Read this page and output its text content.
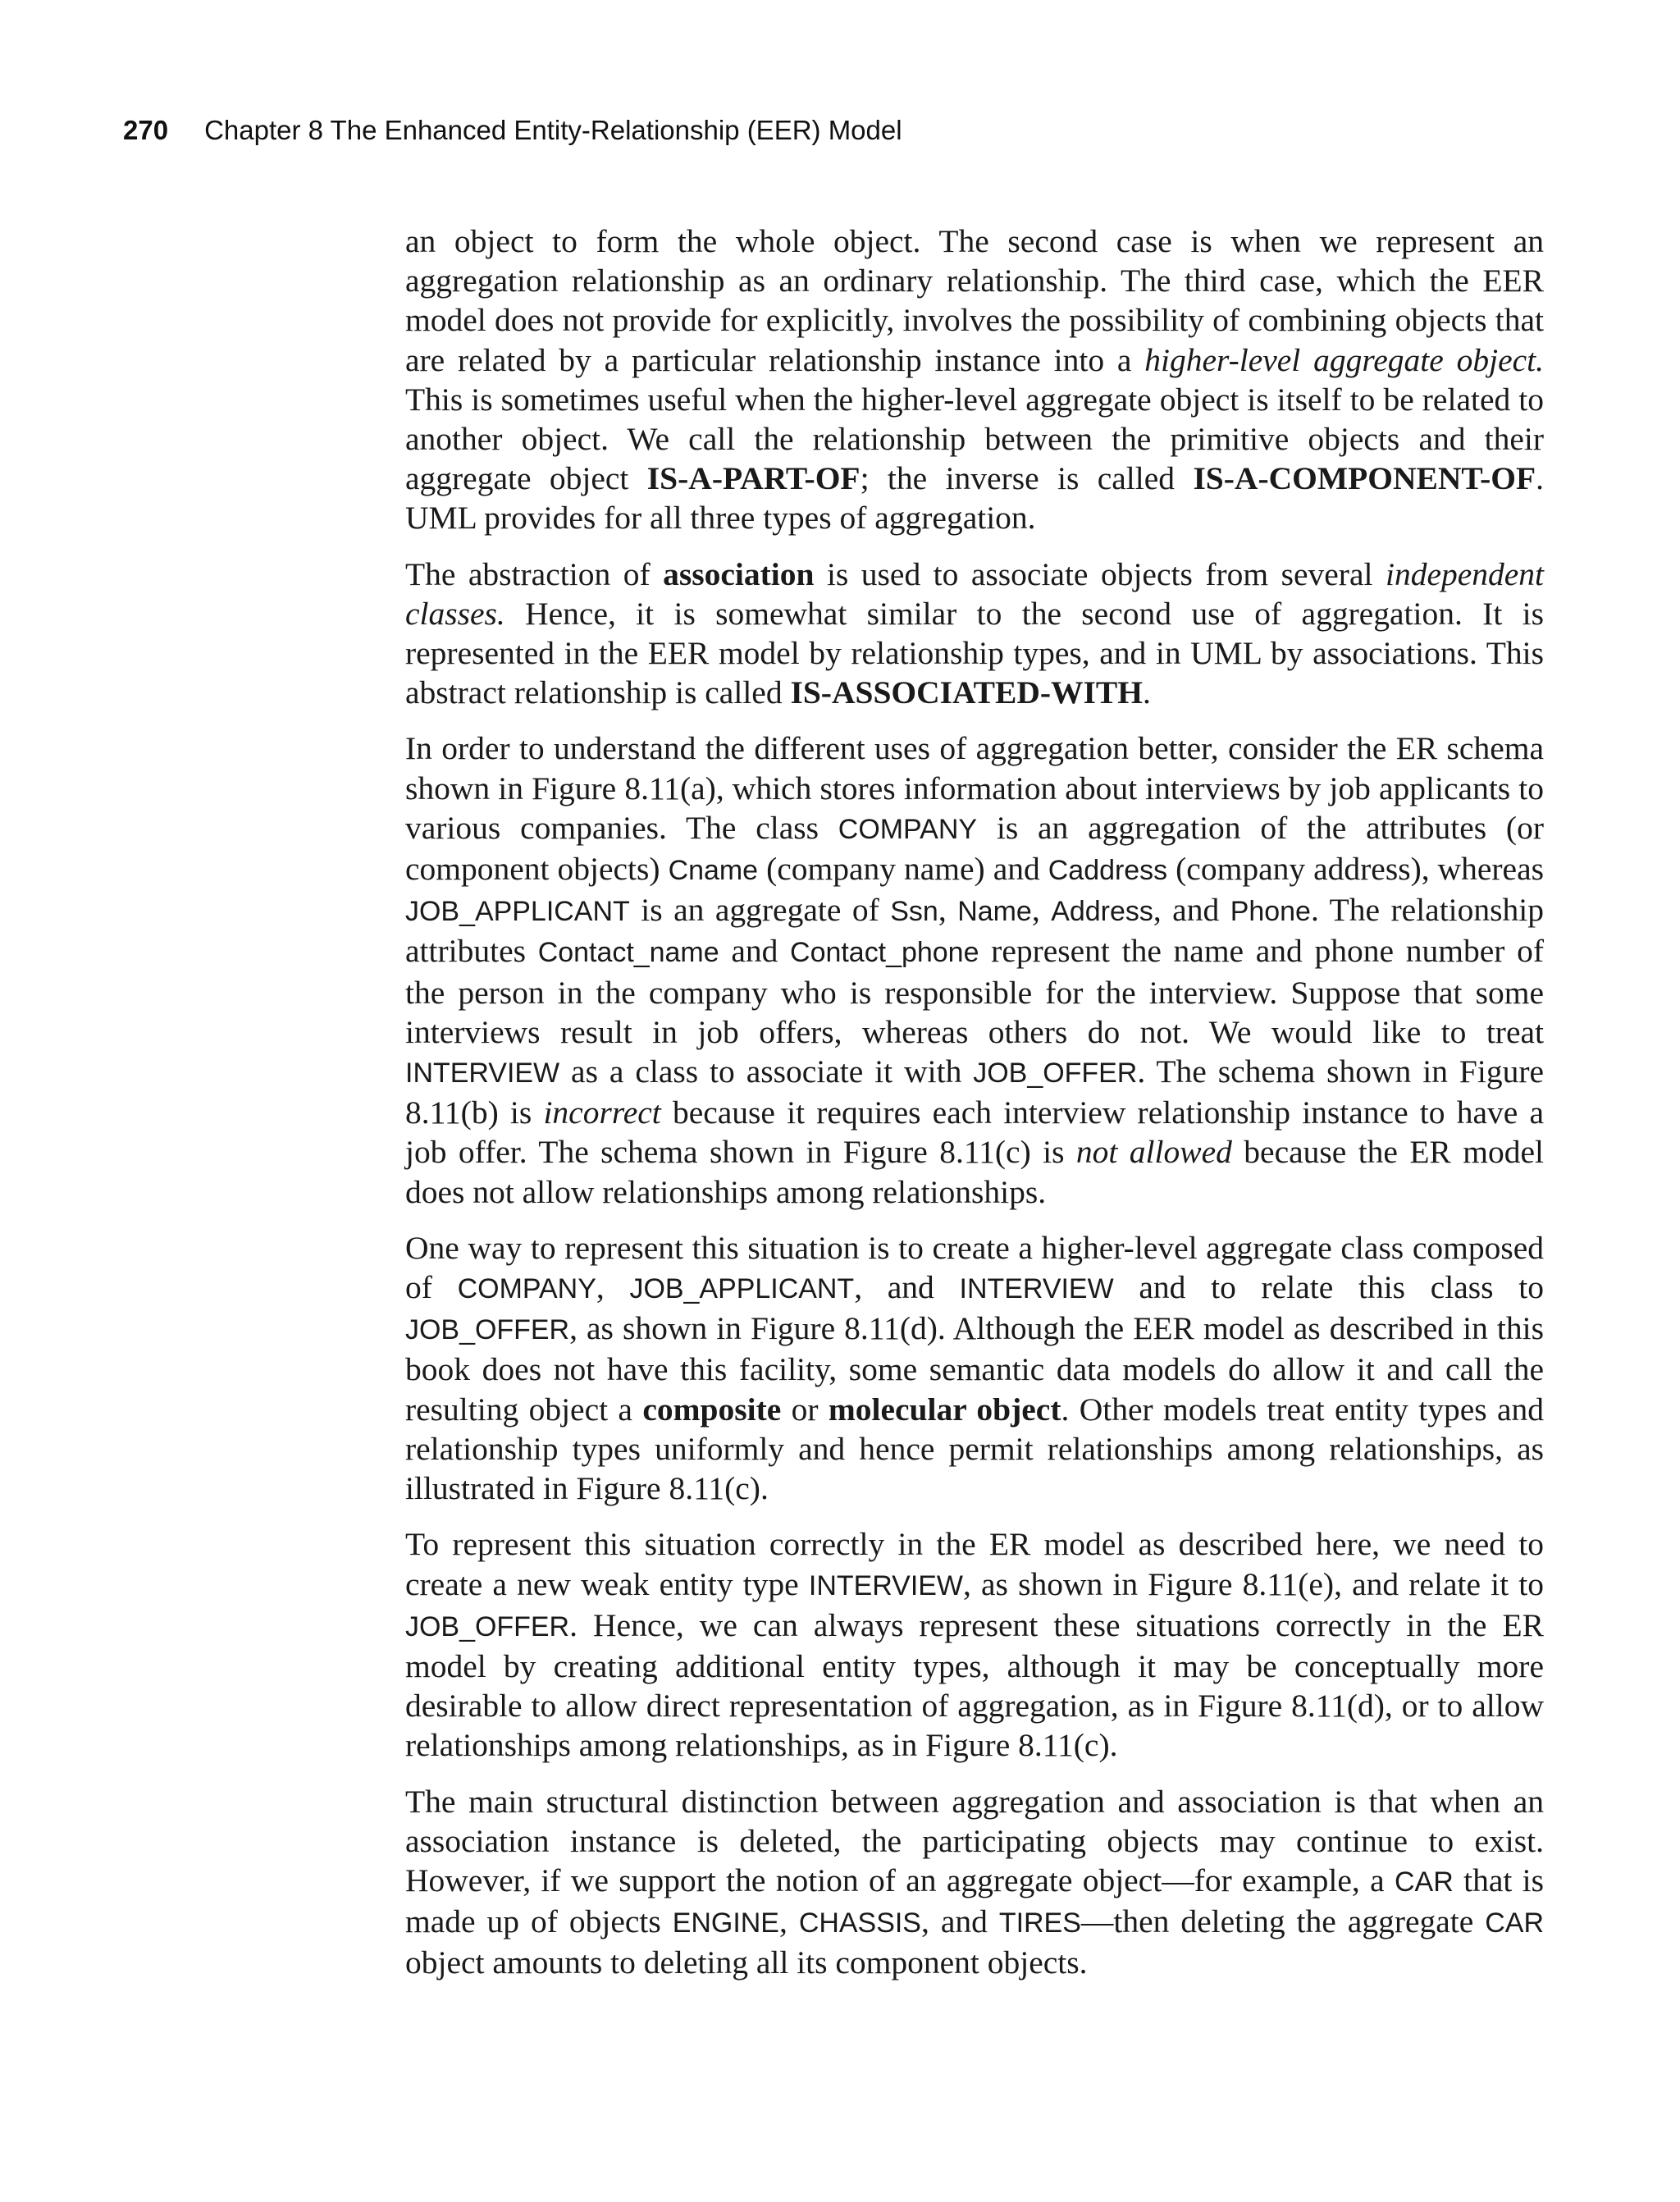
270 Chapter 8 The Enhanced Entity-Relationship (EER) Model

an object to form the whole object. The second case is when we represent an aggregation relationship as an ordinary relationship. The third case, which the EER model does not provide for explicitly, involves the possibility of combining objects that are related by a particular relationship instance into a higher-level aggregate object. This is sometimes useful when the higher-level aggregate object is itself to be related to another object. We call the relationship between the primitive objects and their aggregate object IS-A-PART-OF; the inverse is called IS-A-COMPONENT-OF. UML provides for all three types of aggregation.

The abstraction of association is used to associate objects from several independent classes. Hence, it is somewhat similar to the second use of aggregation. It is represented in the EER model by relationship types, and in UML by associations. This abstract relationship is called IS-ASSOCIATED-WITH.

In order to understand the different uses of aggregation better, consider the ER schema shown in Figure 8.11(a), which stores information about interviews by job applicants to various companies. The class COMPANY is an aggregation of the attributes (or component objects) Cname (company name) and Caddress (company address), whereas JOB_APPLICANT is an aggregate of Ssn, Name, Address, and Phone. The relationship attributes Contact_name and Contact_phone represent the name and phone number of the person in the company who is responsible for the interview. Suppose that some interviews result in job offers, whereas others do not. We would like to treat INTERVIEW as a class to associate it with JOB_OFFER. The schema shown in Figure 8.11(b) is incorrect because it requires each interview relationship instance to have a job offer. The schema shown in Figure 8.11(c) is not allowed because the ER model does not allow relationships among relationships.

One way to represent this situation is to create a higher-level aggregate class composed of COMPANY, JOB_APPLICANT, and INTERVIEW and to relate this class to JOB_OFFER, as shown in Figure 8.11(d). Although the EER model as described in this book does not have this facility, some semantic data models do allow it and call the resulting object a composite or molecular object. Other models treat entity types and relationship types uniformly and hence permit relationships among relationships, as illustrated in Figure 8.11(c).

To represent this situation correctly in the ER model as described here, we need to create a new weak entity type INTERVIEW, as shown in Figure 8.11(e), and relate it to JOB_OFFER. Hence, we can always represent these situations correctly in the ER model by creating additional entity types, although it may be conceptually more desirable to allow direct representation of aggregation, as in Figure 8.11(d), or to allow relationships among relationships, as in Figure 8.11(c).

The main structural distinction between aggregation and association is that when an association instance is deleted, the participating objects may continue to exist. However, if we support the notion of an aggregate object—for example, a CAR that is made up of objects ENGINE, CHASSIS, and TIRES—then deleting the aggregate CAR object amounts to deleting all its component objects.
